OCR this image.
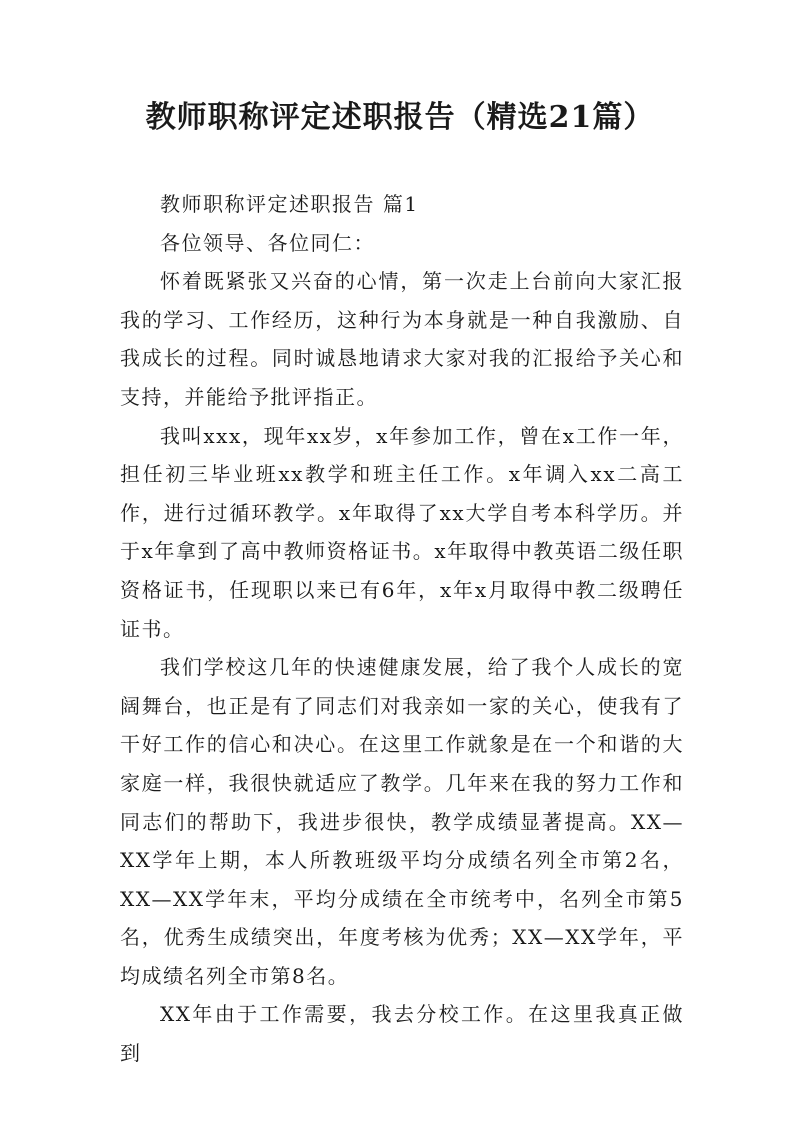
教师职称评定述职报告（精选21篇）

教师职称评定述职报告 篇1

各位领导、各位同仁：

怀着既紧张又兴奋的心情，第一次走上台前向大家汇报我的学习、工作经历，这种行为本身就是一种自我激励、自我成长的过程。同时诚恳地请求大家对我的汇报给予关心和支持，并能给予批评指正。

我叫xxx，现年xx岁，x年参加工作，曾在x工作一年，担任初三毕业班xx教学和班主任工作。x年调入xx二高工作，进行过循环教学。x年取得了xx大学自考本科学历。并于x年拿到了高中教师资格证书。x年取得中教英语二级任职资格证书，任现职以来已有6年，x年x月取得中教二级聘任证书。

我们学校这几年的快速健康发展，给了我个人成长的宽阔舞台，也正是有了同志们对我亲如一家的关心，使我有了干好工作的信心和决心。在这里工作就象是在一个和谐的大家庭一样，我很快就适应了教学。几年来在我的努力工作和同志们的帮助下，我进步很快，教学成绩显著提高。XX—XX学年上期，本人所教班级平均分成绩名列全市第2名，XX—XX学年末，平均分成绩在全市统考中，名列全市第5名，优秀生成绩突出，年度考核为优秀；XX—XX学年，平均成绩名列全市第8名。

XX年由于工作需要，我去分校工作。在这里我真正做到
